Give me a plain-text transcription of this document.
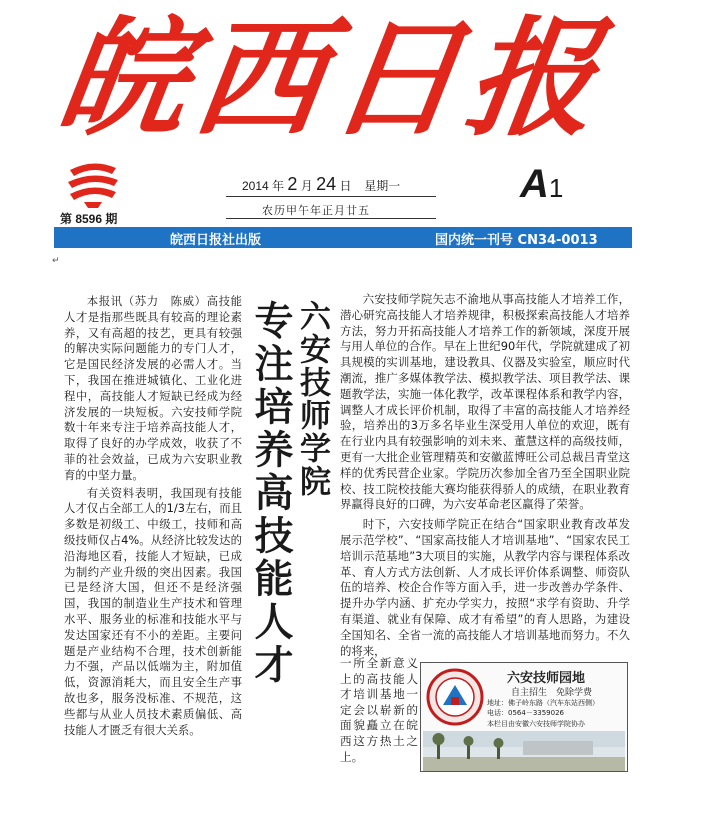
皖西日报
第 8596 期
2014 年 2 月 24 日 星期一
农历甲午年正月廿五
A1
皖西日报社出版	国内统一刊号 CN34-0013
↵

本报讯（苏力　陈威）高技能人才是指那些既具有较高的理论素养，又有高超的技艺，更具有较强的解决实际问题能力的专门人才，它是国民经济发展的必需人才。当下，我国在推进城镇化、工业化进程中，高技能人才短缺已经成为经济发展的一块短板。六安技师学院数十年来专注于培养高技能人才，取得了良好的办学成效，收获了不菲的社会效益，已成为六安职业教育的中坚力量。

有关资料表明，我国现有技能人才仅占全部工人的1/3左右，而且多数是初级工、中级工，技师和高级技师仅占4%。从经济比较发达的沿海地区看，技能人才短缺，已成为制约产业升级的突出因素。我国已是经济大国，但还不是经济强国，我国的制造业生产技术和管理水平、服务业的标准和技能水平与发达国家还有不小的差距。主要问题是产业结构不合理，技术创新能力不强，产品以低端为主，附加值低，资源消耗大，而且安全生产事故也多，服务没标准、不规范，这些都与从业人员技术素质偏低、高技能人才匮乏有很大关系。

六安技师学院
专注培养高技能人才

六安技师学院矢志不渝地从事高技能人才培养工作，潜心研究高技能人才培养规律，积极探索高技能人才培养方法，努力开拓高技能人才培养工作的新领域，深度开展与用人单位的合作。早在上世纪90年代，学院就建成了初具规模的实训基地，建设教具、仪器及实验室，顺应时代潮流，推广多媒体教学法、模拟教学法、项目教学法、课题教学法，实施一体化教学，改革课程体系和教学内容，调整人才成长评价机制，取得了丰富的高技能人才培养经验，培养出的3万多名毕业生深受用人单位的欢迎，既有在行业内具有较强影响的刘未来、董慧这样的高级技师，更有一大批企业管理精英和安徽蓝博旺公司总裁吕青堂这样的优秀民营企业家。学院历次参加全省乃至全国职业院校、技工院校技能大赛均能获得骄人的成绩，在职业教育界赢得良好的口碑，为六安革命老区赢得了荣誉。

时下，六安技师学院正在结合“国家职业教育改革发展示范学校”、“国家高技能人才培训基地”、“国家农民工培训示范基地”3大项目的实施，从教学内容与课程体系改革、育人方式方法创新、人才成长评价体系调整、师资队伍的培养、校企合作等方面入手，进一步改善办学条件、提升办学内涵、扩充办学实力，按照“求学有资助、升学有渠道、就业有保障、成才有希望”的育人思路，为建设全国知名、全省一流的高技能人才培训基地而努力。不久的将来，

一所全新意义上的高技能人才培训基地一定会以崭新的面貌矗立在皖西这方热土之上。
六安技师园地
自主招生　免除学费
地址：佛子岭东路（汽车东站西侧）
电话：0564－3359026
本栏目由安徽六安技师学院协办
